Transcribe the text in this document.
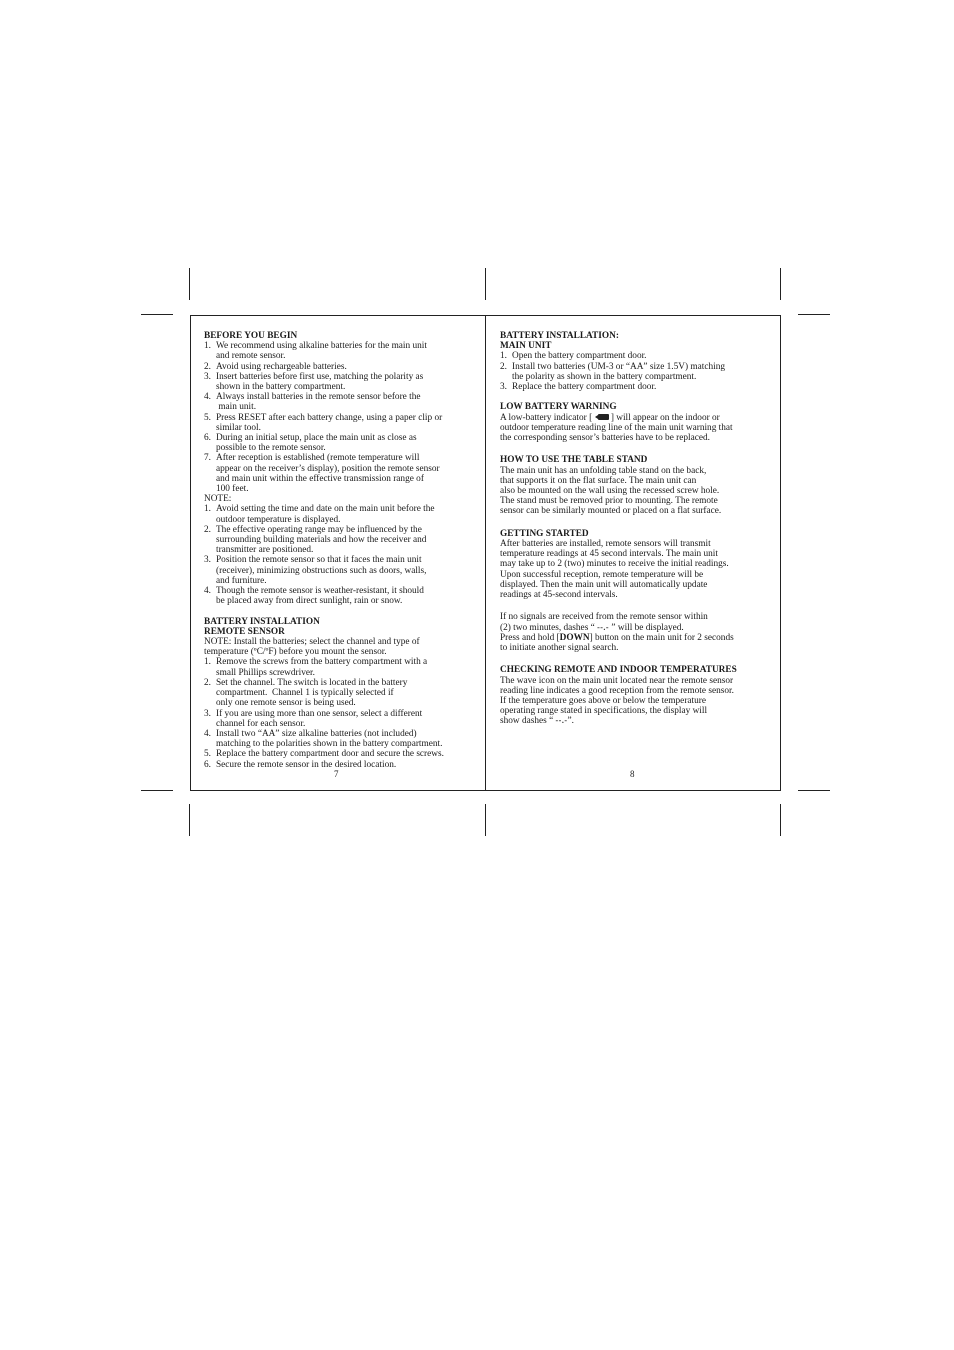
BEFORE YOU BEGIN

1. We recommend using alkaline batteries for the main unit
and remote sensor.
2. Avoid using rechargeable batteries.
3. Insert batteries before first use, matching the polarity as
shown in the battery compartment.
4. Always install batteries in the remote sensor before the
main unit.
5. Press RESET after each battery change, using a paper clip or
similar tool.
6. During an initial setup, place the main unit as close as
possible to the remote sensor.
7. After reception is established (remote temperature will
appear on the receiver’s display), position the remote sensor
and main unit within the effective transmission range of
100 feet.

NOTE:

1. Avoid setting the time and date on the main unit before the
outdoor temperature is displayed.
2. The effective operating range may be influenced by the
surrounding building materials and how the receiver and
transmitter are positioned.
3. Position the remote sensor so that it faces the main unit
(receiver), minimizing obstructions such as doors, walls,
and furniture.
4. Though the remote sensor is weather-resistant, it should
be placed away from direct sunlight, rain or snow.

BATTERY INSTALLATION

REMOTE SENSOR

NOTE: Install the batteries; select the channel and type of

temperature (ºC/ºF) before you mount the sensor.

1. Remove the screws from the battery compartment with a
small Phillips screwdriver.
2. Set the channel. The switch is located in the battery
compartment.  Channel 1 is typically selected if
only one remote sensor is being used.
3. If you are using more than one sensor, select a different
channel for each sensor.
4. Install two “AA” size alkaline batteries (not included)
matching to the polarities shown in the battery compartment.
5. Replace the battery compartment door and secure the screws.
6. Secure the remote sensor in the desired location.
7

BATTERY INSTALLATION:

MAIN UNIT

1. Open the battery compartment door.
2. Install two batteries (UM-3 or “AA” size 1.5V) matching
the polarity as shown in the battery compartment.
3. Replace the battery compartment door.

LOW BATTERY WARNING

A low-battery indicator [  ] will appear on the indoor or

outdoor temperature reading line of the main unit warning that

the corresponding sensor’s batteries have to be replaced.

HOW TO USE THE TABLE STAND

The main unit has an unfolding table stand on the back,

that supports it on the flat surface. The main unit can

also be mounted on the wall using the recessed screw hole.

The stand must be removed prior to mounting. The remote

sensor can be similarly mounted or placed on a flat surface.

GETTING STARTED

After batteries are installed, remote sensors will transmit

temperature readings at 45 second intervals. The main unit

may take up to 2 (two) minutes to receive the initial readings.

Upon successful reception, remote temperature will be

displayed. Then the main unit will automatically update

readings at 45-second intervals.

If no signals are received from the remote sensor within

(2) two minutes, dashes “ --.- ” will be displayed.

Press and hold [DOWN] button on the main unit for 2 seconds

to initiate another signal search.

CHECKING REMOTE AND INDOOR TEMPERATURES

The wave icon on the main unit located near the remote sensor

reading line indicates a good reception from the remote sensor.

If the temperature goes above or below the temperature

operating range stated in specifications, the display will

show dashes “ --.-”.

8
